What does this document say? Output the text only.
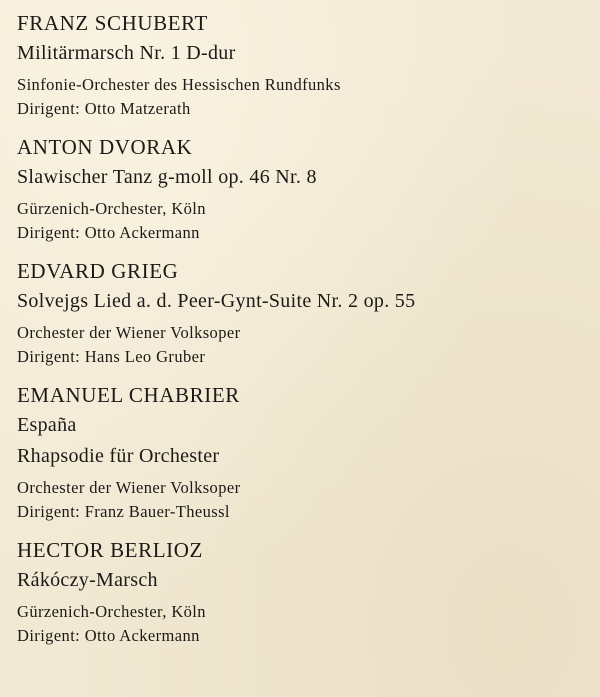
FRANZ SCHUBERT
Militärmarsch Nr. 1 D-dur
Sinfonie-Orchester des Hessischen Rundfunks
Dirigent: Otto Matzerath
ANTON DVORAK
Slawischer Tanz g-moll op. 46 Nr. 8
Gürzenich-Orchester, Köln
Dirigent: Otto Ackermann
EDVARD GRIEG
Solvejgs Lied a. d. Peer-Gynt-Suite Nr. 2 op. 55
Orchester der Wiener Volksoper
Dirigent: Hans Leo Gruber
EMANUEL CHABRIER
España
Rhapsodie für Orchester
Orchester der Wiener Volksoper
Dirigent: Franz Bauer-Theussl
HECTOR BERLIOZ
Rákóczy-Marsch
Gürzenich-Orchester, Köln
Dirigent: Otto Ackermann
